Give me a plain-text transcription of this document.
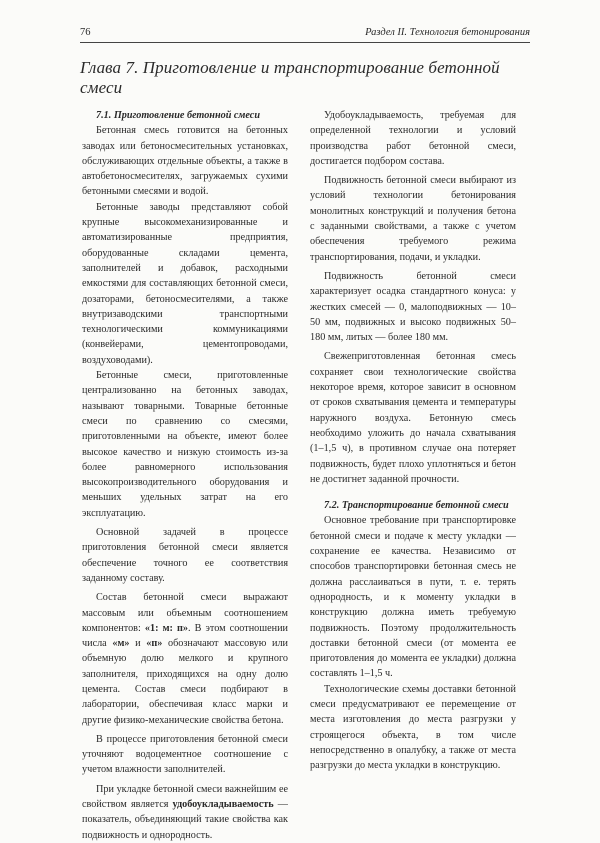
76	Раздел II. Технология бетонирования
Глава 7. Приготовление и транспортирование бетонной смеси

7.1. Приготовление бетонной смеси

Бетонная смесь готовится на бетонных заводах или бетоносмесительных установках, обслуживающих отдельные объекты, а также в автобетоносмесителях, загружаемых сухими бетонными смесями и водой.

Бетонные заводы представляют собой крупные высокомеханизированные и автоматизированные предприятия, оборудованные складами цемента, заполнителей и добавок, расходными емкостями для составляющих бетонной смеси, дозаторами, бетоносмесителями, а также внутризаводскими транспортными технологическими коммуникациями (конвейерами, цементопроводами, воздуховодами).

Бетонные смеси, приготовленные централизованно на бетонных заводах, называют товарными. Товарные бетонные смеси по сравнению со смесями, приготовленными на объекте, имеют более высокое качество и низкую стоимость из-за более равномерного использования высокопроизводительного оборудования и меньших удельных затрат на его эксплуатацию.

Основной задачей в процессе приготовления бетонной смеси является обеспечение точного ее соответствия заданному составу.

Состав бетонной смеси выражают массовым или объемным соотношением компонентов: «1: м: п». В этом соотношении числа «м» и «п» обозначают массовую или объемную долю мелкого и крупного заполнителя, приходящихся на одну долю цемента. Состав смеси подбирают в лаборатории, обеспечивая класс марки и другие физико-механические свойства бетона.

В процессе приготовления бетонной смеси уточняют водоцементное соотношение с учетом влажности заполнителей.

При укладке бетонной смеси важнейшим ее свойством является удобоукладываемость — показатель, объединяющий такие свойства как подвижность и однородность.

Удобоукладываемость, требуемая для определенной технологии и условий производства работ бетонной смеси, достигается подбором состава.

Подвижность бетонной смеси выбирают из условий технологии бетонирования монолитных конструкций и получения бетона с заданными свойствами, а также с учетом обеспечения требуемого режима транспортирования, подачи, и укладки.

Подвижность бетонной смеси характеризует осадка стандартного конуса: у жестких смесей — 0, малоподвижных — 10–50 мм, подвижных и высоко подвижных 50–180 мм, литых — более 180 мм.

Свежеприготовленная бетонная смесь сохраняет свои технологические свойства некоторое время, которое зависит в основном от сроков схватывания цемента и температуры наружного воздуха. Бетонную смесь необходимо уложить до начала схватывания (1–1,5 ч), в противном случае она потеряет подвижность, будет плохо уплотняться и бетон не достигнет заданной прочности.

7.2. Транспортирование бетонной смеси

Основное требование при транспортировке бетонной смеси и подаче к месту укладки — сохранение ее качества. Независимо от способов транспортировки бетонная смесь не должна расслаиваться в пути, т. е. терять однородность, и к моменту укладки в конструкцию должна иметь требуемую подвижность. Поэтому продолжительность доставки бетонной смеси (от момента ее приготовления до момента ее укладки) должна составлять 1–1,5 ч.

Технологические схемы доставки бетонной смеси предусматривают ее перемещение от места изготовления до места разгрузки у строящегося объекта, в том числе непосредственно в опалубку, а также от места разгрузки до места укладки в конструкцию.
